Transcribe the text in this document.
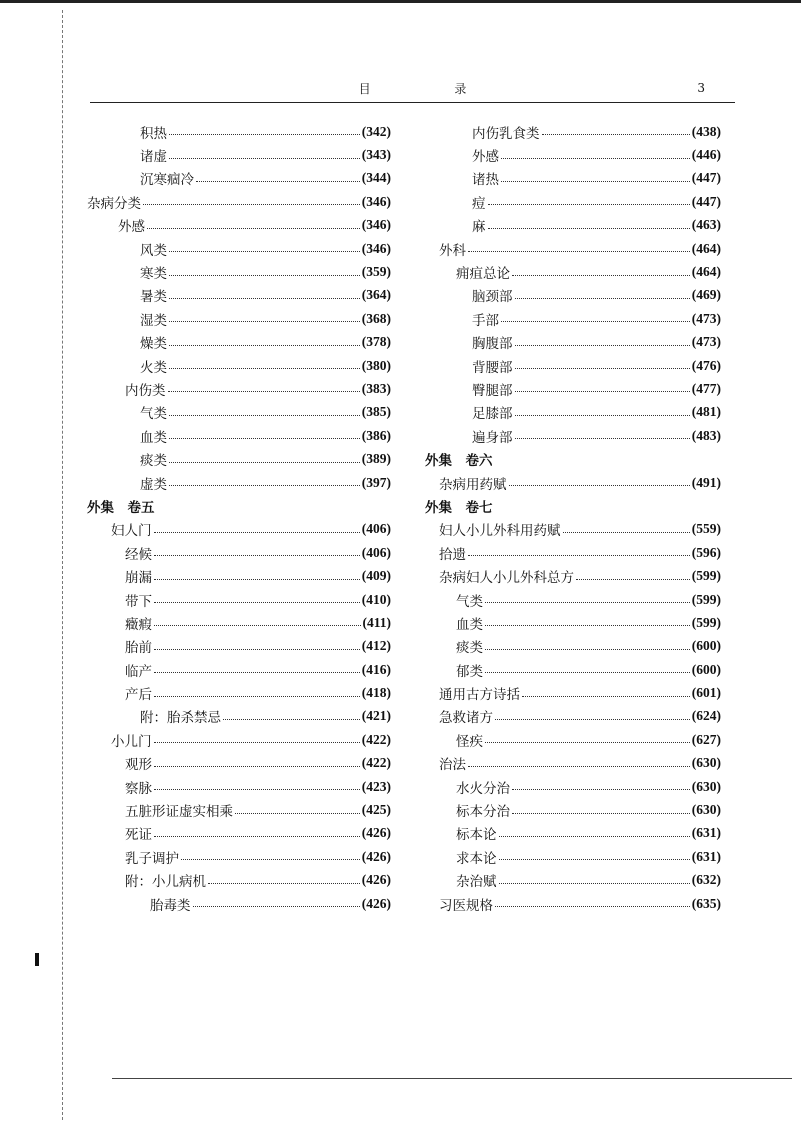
目 录	3
积热	(342)
诸虚	(343)
沉寒痼冷	(344)
杂病分类	(346)
外感	(346)
风类	(346)
寒类	(359)
暑类	(364)
湿类	(368)
燥类	(378)
火类	(380)
内伤类	(383)
气类	(385)
血类	(386)
痰类	(389)
虚类	(397)
外集　卷五
妇人门	(406)
经候	(406)
崩漏	(409)
带下	(410)
癥瘕	(411)
胎前	(412)
临产	(416)
产后	(418)
附：胎杀禁忌	(421)
小儿门	(422)
观形	(422)
察脉	(423)
五脏形证虚实相乘	(425)
死证	(426)
乳子调护	(426)
附：小儿病机	(426)
胎毒类	(426)
内伤乳食类	(438)
外感	(446)
诸热	(447)
痘	(447)
麻	(463)
外科	(464)
痈疽总论	(464)
脑颈部	(469)
手部	(473)
胸腹部	(473)
背腰部	(476)
臀腿部	(477)
足膝部	(481)
遍身部	(483)
外集　卷六
杂病用药赋	(491)
外集　卷七
妇人小儿外科用药赋	(559)
拾遗	(596)
杂病妇人小儿外科总方	(599)
气类	(599)
血类	(599)
痰类	(600)
郁类	(600)
通用古方诗括	(601)
急救诸方	(624)
怪疾	(627)
治法	(630)
水火分治	(630)
标本分治	(630)
标本论	(631)
求本论	(631)
杂治赋	(632)
习医规格	(635)
